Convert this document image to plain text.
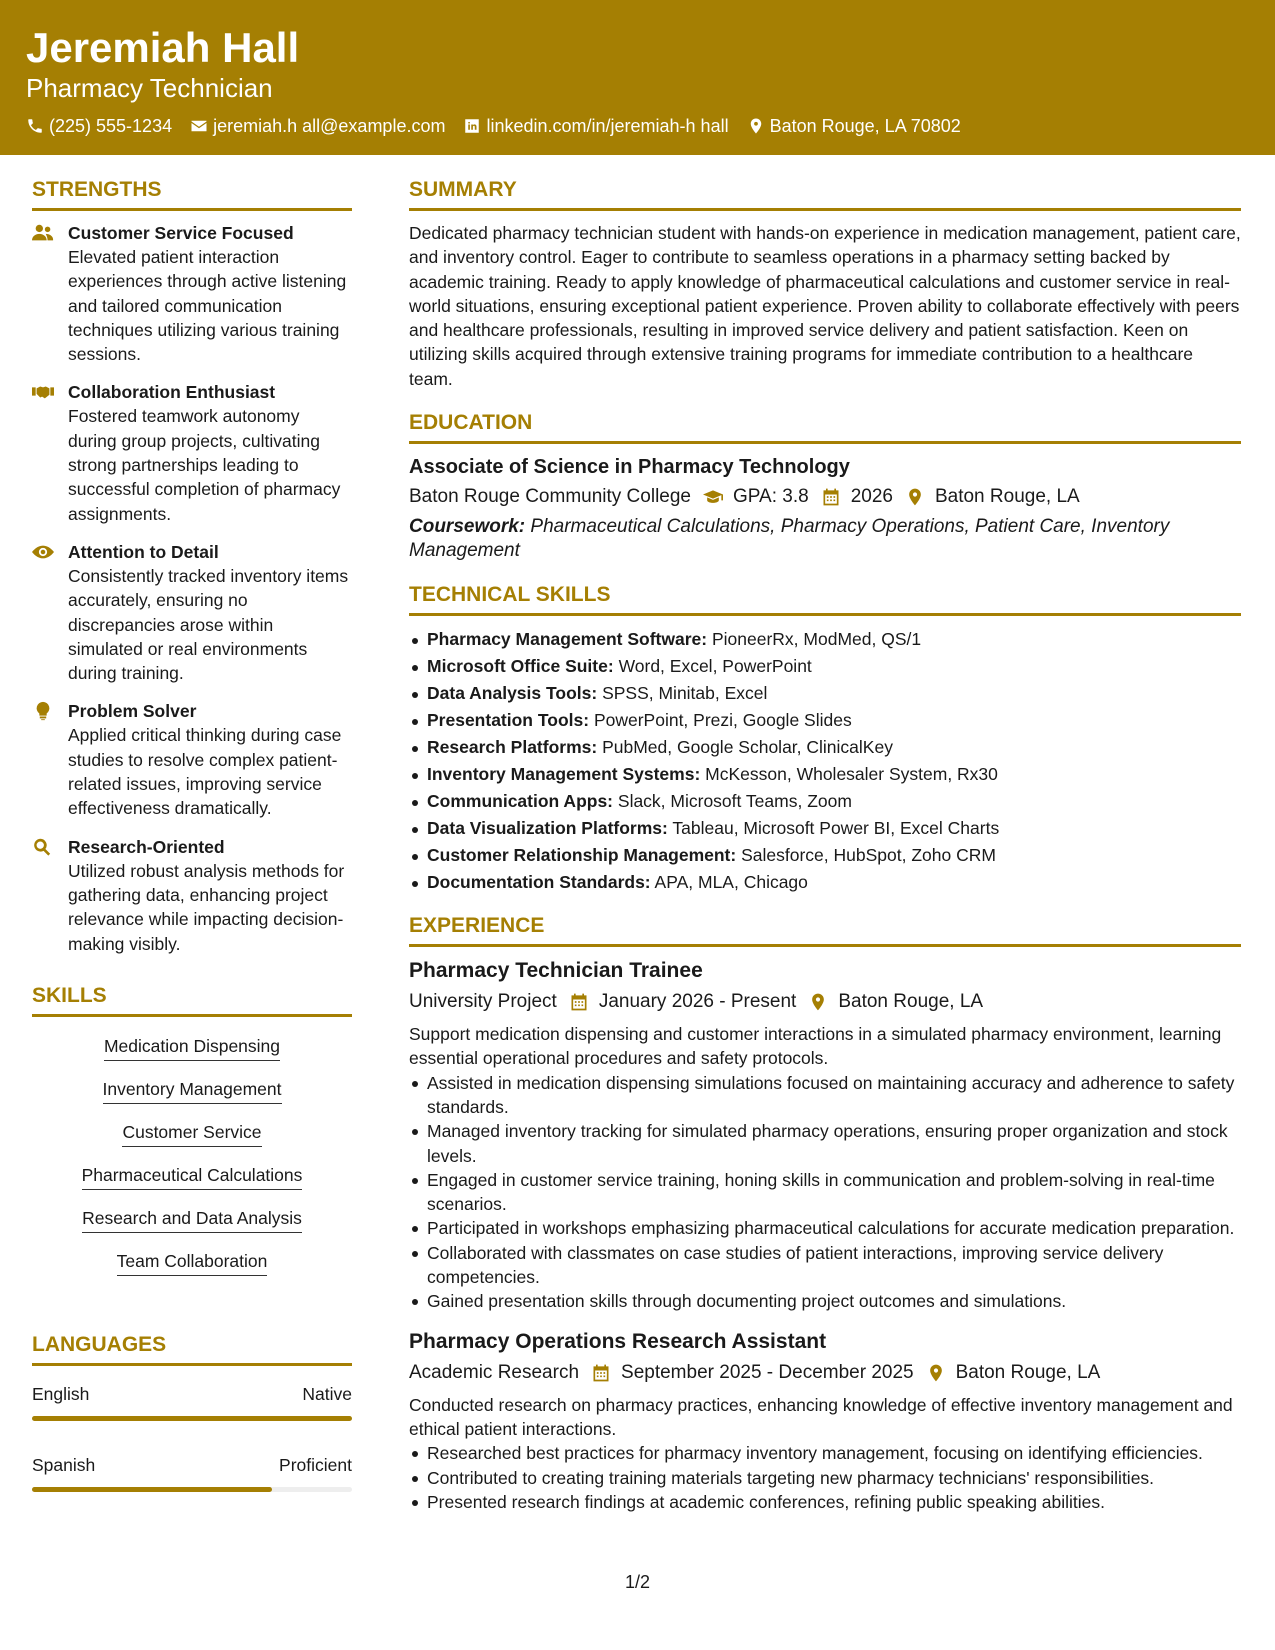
Jeremiah Hall
Pharmacy Technician
(225) 555-1234 jeremiah.h all@example.com linkedin.com/in/jeremiah-h hall Baton Rouge, LA 70802
STRENGTHS
Customer Service Focused
Elevated patient interaction experiences through active listening and tailored communication techniques utilizing various training sessions.
Collaboration Enthusiast
Fostered teamwork autonomy during group projects, cultivating strong partnerships leading to successful completion of pharmacy assignments.
Attention to Detail
Consistently tracked inventory items accurately, ensuring no discrepancies arose within simulated or real environments during training.
Problem Solver
Applied critical thinking during case studies to resolve complex patient-related issues, improving service effectiveness dramatically.
Research-Oriented
Utilized robust analysis methods for gathering data, enhancing project relevance while impacting decision-making visibly.
SKILLS
Medication Dispensing
Inventory Management
Customer Service
Pharmaceutical Calculations
Research and Data Analysis
Team Collaboration
LANGUAGES
English	Native
Spanish	Proficient
SUMMARY
Dedicated pharmacy technician student with hands-on experience in medication management, patient care, and inventory control. Eager to contribute to seamless operations in a pharmacy setting backed by academic training. Ready to apply knowledge of pharmaceutical calculations and customer service in real-world situations, ensuring exceptional patient experience. Proven ability to collaborate effectively with peers and healthcare professionals, resulting in improved service delivery and patient satisfaction. Keen on utilizing skills acquired through extensive training programs for immediate contribution to a healthcare team.
EDUCATION
Associate of Science in Pharmacy Technology
Baton Rouge Community College GPA: 3.8 2026 Baton Rouge, LA
Coursework: Pharmaceutical Calculations, Pharmacy Operations, Patient Care, Inventory Management
TECHNICAL SKILLS
Pharmacy Management Software: PioneerRx, ModMed, QS/1
Microsoft Office Suite: Word, Excel, PowerPoint
Data Analysis Tools: SPSS, Minitab, Excel
Presentation Tools: PowerPoint, Prezi, Google Slides
Research Platforms: PubMed, Google Scholar, ClinicalKey
Inventory Management Systems: McKesson, Wholesaler System, Rx30
Communication Apps: Slack, Microsoft Teams, Zoom
Data Visualization Platforms: Tableau, Microsoft Power BI, Excel Charts
Customer Relationship Management: Salesforce, HubSpot, Zoho CRM
Documentation Standards: APA, MLA, Chicago
EXPERIENCE
Pharmacy Technician Trainee
University Project January 2026 - Present Baton Rouge, LA
Support medication dispensing and customer interactions in a simulated pharmacy environment, learning essential operational procedures and safety protocols.
Assisted in medication dispensing simulations focused on maintaining accuracy and adherence to safety standards.
Managed inventory tracking for simulated pharmacy operations, ensuring proper organization and stock levels.
Engaged in customer service training, honing skills in communication and problem-solving in real-time scenarios.
Participated in workshops emphasizing pharmaceutical calculations for accurate medication preparation.
Collaborated with classmates on case studies of patient interactions, improving service delivery competencies.
Gained presentation skills through documenting project outcomes and simulations.
Pharmacy Operations Research Assistant
Academic Research September 2025 - December 2025 Baton Rouge, LA
Conducted research on pharmacy practices, enhancing knowledge of effective inventory management and ethical patient interactions.
Researched best practices for pharmacy inventory management, focusing on identifying efficiencies.
Contributed to creating training materials targeting new pharmacy technicians' responsibilities.
Presented research findings at academic conferences, refining public speaking abilities.
1/2
